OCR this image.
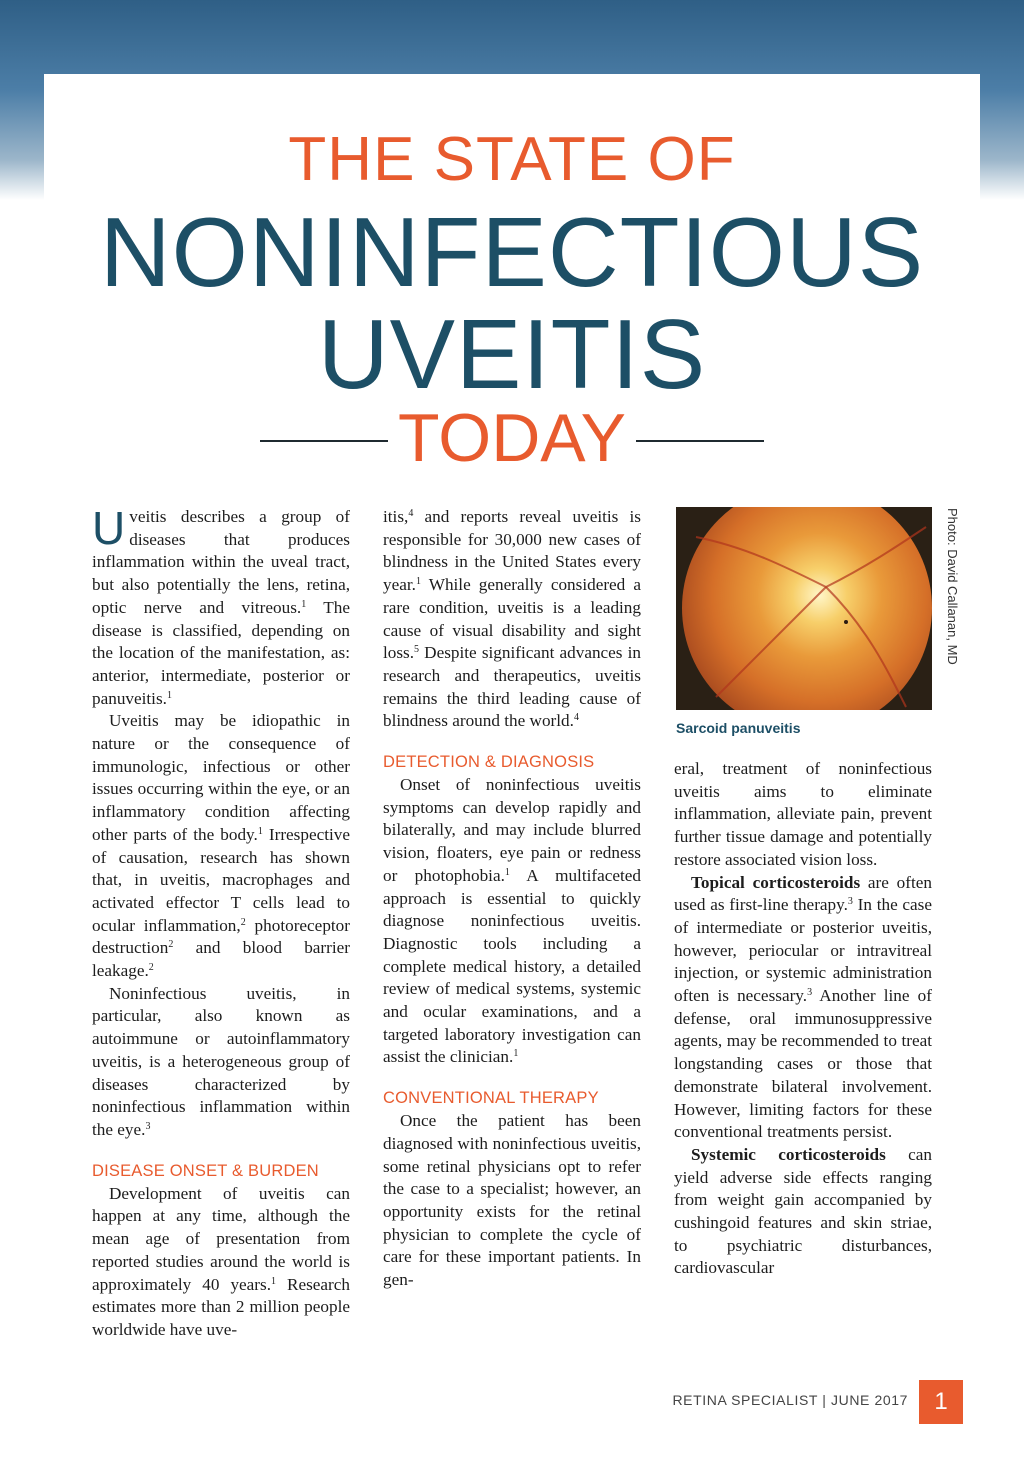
THE STATE OF
NONINFECTIOUS
UVEITIS
TODAY

Uveitis describes a group of diseases that produces inflammation within the uveal tract, but also potentially the lens, retina, optic nerve and vitreous.$^1$ The disease is classified, depending on the location of the manifestation, as: anterior, intermediate, posterior or panuveitis.$^1$

Uveitis may be idiopathic in nature or the consequence of immunologic, infectious or other issues occurring within the eye, or an inflammatory condition affecting other parts of the body.$^1$ Irrespective of causation, research has shown that, in uveitis, macrophages and activated effector T cells lead to ocular inflammation,$^2$ photoreceptor destruction$^2$ and blood barrier leakage.$^2$

Noninfectious uveitis, in particular, also known as autoimmune or autoinflammatory uveitis, is a heterogeneous group of diseases characterized by noninfectious inflammation within the eye.$^3$

DISEASE ONSET & BURDEN

Development of uveitis can happen at any time, although the mean age of presentation from reported studies around the world is approximately 40 years.$^1$ Research estimates more than 2 million people worldwide have uve-

itis,$^4$ and reports reveal uveitis is responsible for 30,000 new cases of blindness in the United States every year.$^1$ While generally considered a rare condition, uveitis is a leading cause of visual disability and sight loss.$^5$ Despite significant advances in research and therapeutics, uveitis remains the third leading cause of blindness around the world.$^4$

DETECTION & DIAGNOSIS

Onset of noninfectious uveitis symptoms can develop rapidly and bilaterally, and may include blurred vision, floaters, eye pain or redness or photophobia.$^1$ A multifaceted approach is essential to quickly diagnose noninfectious uveitis. Diagnostic tools including a complete medical history, a detailed review of medical systems, systemic and ocular examinations, and a targeted laboratory investigation can assist the clinician.$^1$

CONVENTIONAL THERAPY

Once the patient has been diagnosed with noninfectious uveitis, some retinal physicians opt to refer the case to a specialist; however, an opportunity exists for the retinal physician to complete the cycle of care for these important patients. In gen-

Sarcoid panuveitis
Photo: David Callanan, MD

eral, treatment of noninfectious uveitis aims to eliminate inflammation, alleviate pain, prevent further tissue damage and potentially restore associated vision loss.

Topical corticosteroids are often used as first-line therapy.$^3$ In the case of intermediate or posterior uveitis, however, periocular or intravitreal injection, or systemic administration often is necessary.$^3$ Another line of defense, oral immunosuppressive agents, may be recommended to treat longstanding cases or those that demonstrate bilateral involvement. However, limiting factors for these conventional treatments persist.

Systemic corticosteroids can yield adverse side effects ranging from weight gain accompanied by cushingoid features and skin striae, to psychiatric disturbances, cardiovascular

RETINA SPECIALIST | JUNE 2017	1
